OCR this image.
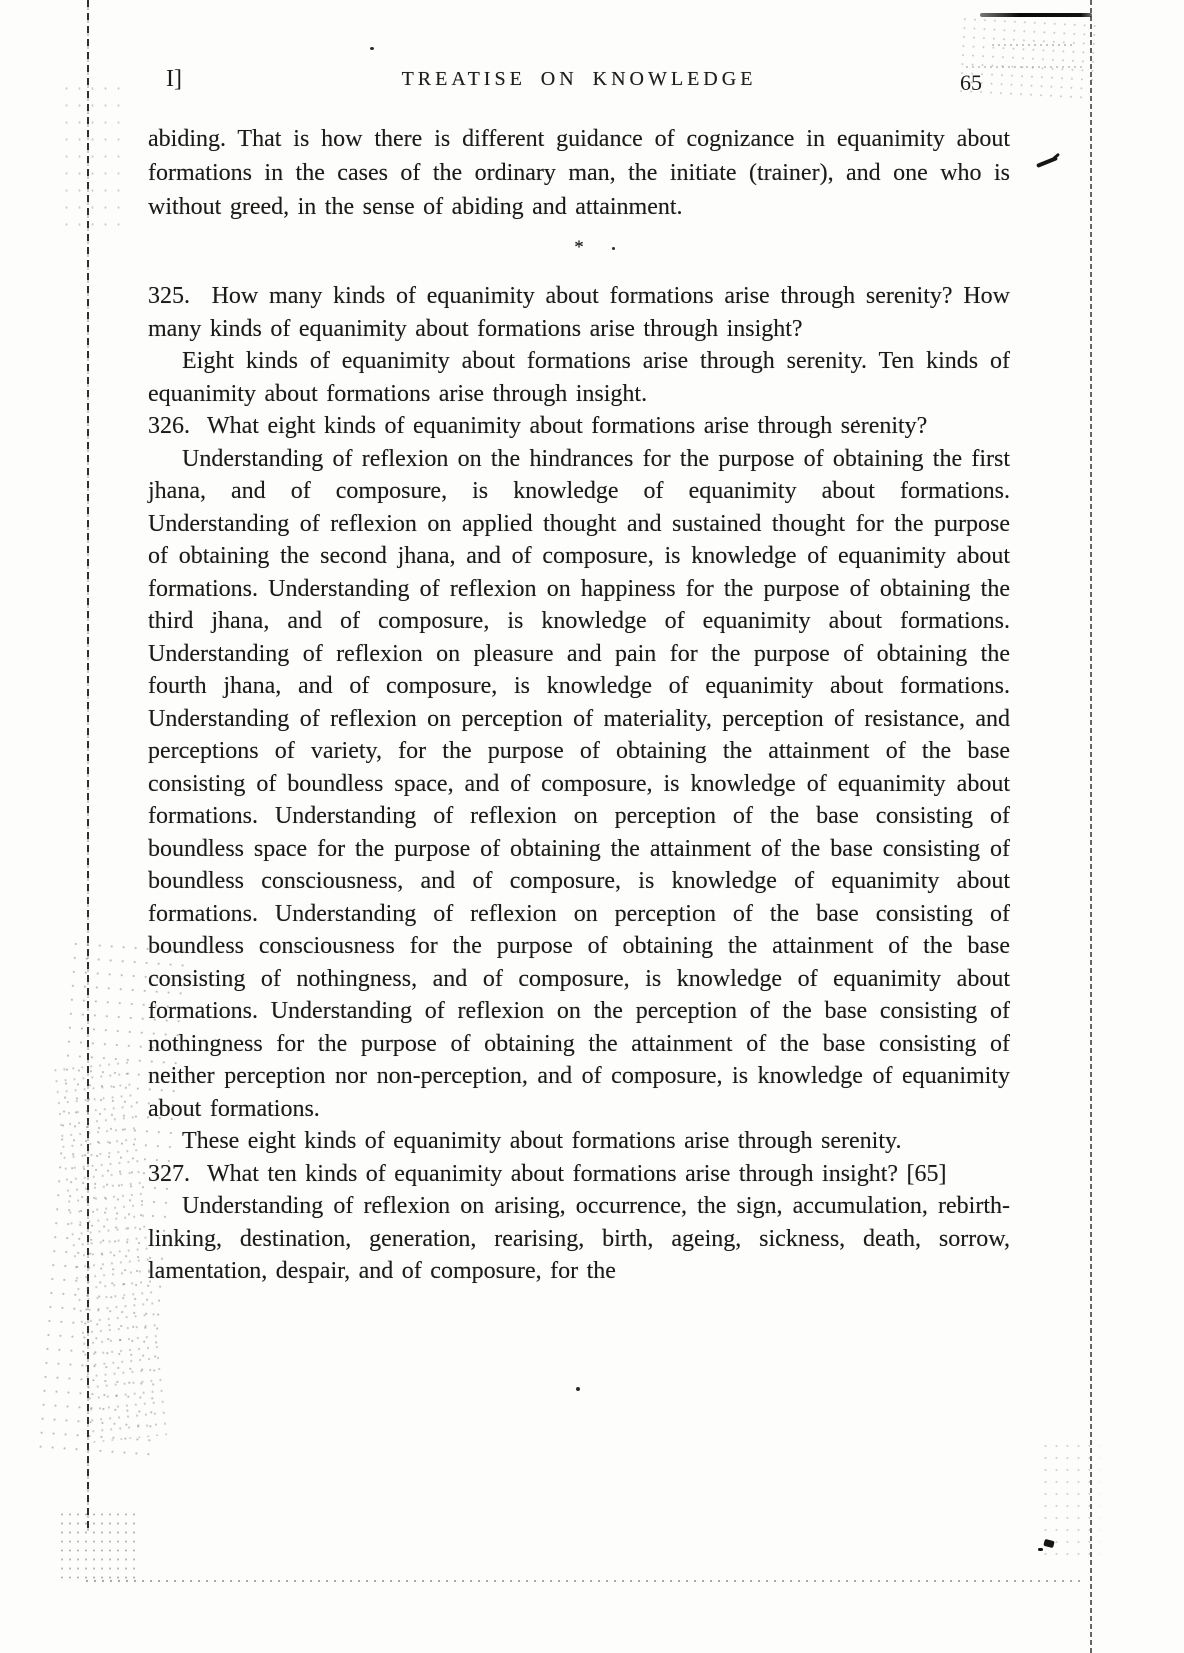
I]	TREATISE ON KNOWLEDGE	65

abiding. That is how there is different guidance of cognizance in equanimity about formations in the cases of the ordinary man, the initiate (trainer), and one who is without greed, in the sense of abiding and attainment.

*

325.  How many kinds of equanimity about formations arise through serenity? How many kinds of equanimity about formations arise through insight?

Eight kinds of equanimity about formations arise through serenity. Ten kinds of equanimity about formations arise through insight.

326.  What eight kinds of equanimity about formations arise through serenity?

Understanding of reflexion on the hindrances for the purpose of obtaining the first jhana, and of composure, is knowledge of equanimity about formations. Understanding of reflexion on applied thought and sustained thought for the purpose of obtaining the second jhana, and of composure, is knowledge of equanimity about formations. Understanding of reflexion on happiness for the purpose of obtaining the third jhana, and of composure, is knowledge of equanimity about formations. Understanding of reflexion on pleasure and pain for the purpose of obtaining the fourth jhana, and of composure, is knowledge of equanimity about formations. Understanding of reflexion on perception of materiality, perception of resistance, and perceptions of variety, for the purpose of obtaining the attainment of the base consisting of boundless space, and of composure, is knowledge of equanimity about formations. Understanding of reflexion on perception of the base consisting of boundless space for the purpose of obtaining the attainment of the base consisting of boundless consciousness, and of composure, is knowledge of equanimity about formations. Understanding of reflexion on perception of the base consisting of boundless consciousness for the purpose of obtaining the attainment of the base consisting of nothingness, and of composure, is knowledge of equanimity about formations. Understanding of reflexion on the perception of the base consisting of nothingness for the purpose of obtaining the attainment of the base consisting of neither perception nor non-perception, and of composure, is knowledge of equanimity about formations.

These eight kinds of equanimity about formations arise through serenity.

327.  What ten kinds of equanimity about formations arise through insight? [65]

Understanding of reflexion on arising, occurrence, the sign, accumulation, rebirth-linking, destination, generation, rearising, birth, ageing, sickness, death, sorrow, lamentation, despair, and of composure, for the
